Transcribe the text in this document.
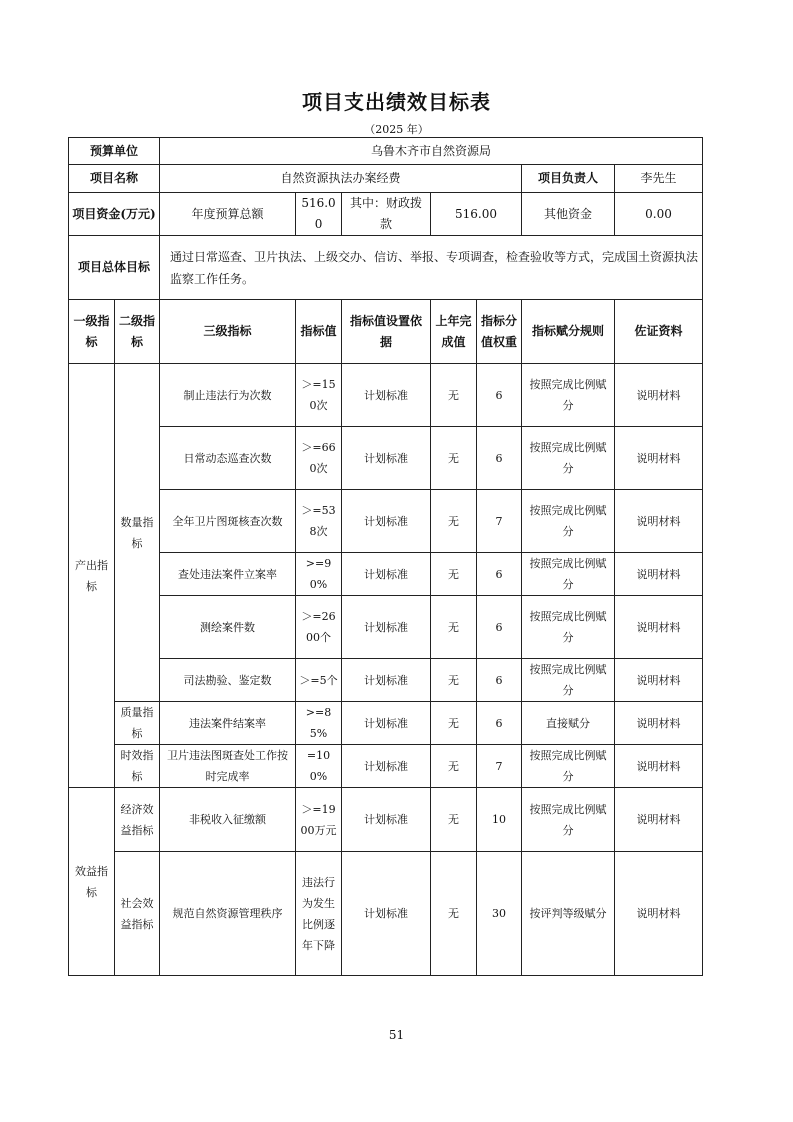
项目支出绩效目标表
（2025 年）
预算单位		乌鲁木齐市自然资源局						
项目名称		自然资源执法办案经费					项目负责人	李先生
项目资金(万元)		年度预算总额	516.00	其中：财政拨款	516.00		其他资金	0.00
项目总体目标		通过日常巡查、卫片执法、上级交办、信访、举报、专项调查，检查验收等方式，完成国土资源执法监察工作任务。						
一级指标	二级指标	三级指标	指标值	指标值设置依据	上年完成值	指标分值权重	指标赋分规则	佐证资料
产出指标	数量指标	制止违法行为次数	＞=150次	计划标准	无	6	按照完成比例赋分	说明材料
		日常动态巡查次数	＞=660次	计划标准	无	6	按照完成比例赋分	说明材料
		全年卫片图斑核查次数	＞=538次	计划标准	无	7	按照完成比例赋分	说明材料
		查处违法案件立案率	>=90%	计划标准	无	6	按照完成比例赋分	说明材料
		测绘案件数	＞=2600个	计划标准	无	6	按照完成比例赋分	说明材料
		司法勘验、鉴定数	＞=5个	计划标准	无	6	按照完成比例赋分	说明材料
	质量指标	违法案件结案率	>=85%	计划标准	无	6	直接赋分	说明材料
	时效指标	卫片违法图斑查处工作按时完成率	=100%	计划标准	无	7	按照完成比例赋分	说明材料
效益指标	经济效益指标	非税收入征缴额	＞=1900万元	计划标准	无	10	按照完成比例赋分	说明材料
	社会效益指标	规范自然资源管理秩序	违法行为发生比例逐年下降	计划标准	无	30	按评判等级赋分	说明材料
51
